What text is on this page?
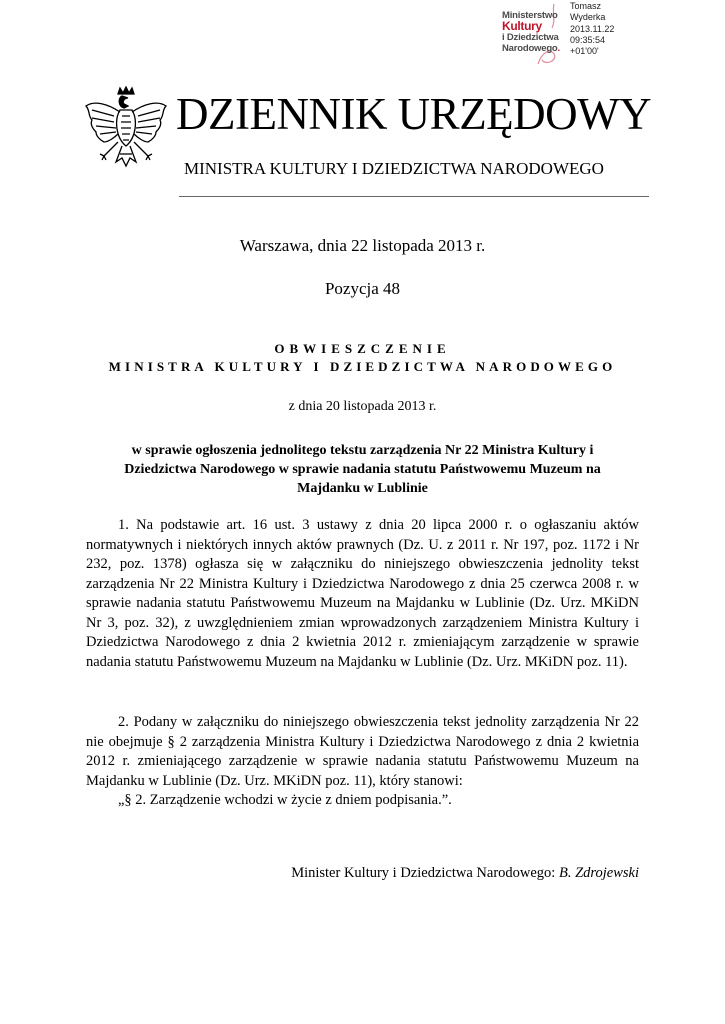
Ministerstwo
Kultury
i Dziedzictwa
Narodowego.
Tomasz
Wyderka
2013.11.22
09:35:54
+01'00'
DZIENNIK URZĘDOWY
MINISTRA KULTURY I DZIEDZICTWA NARODOWEGO
Warszawa, dnia 22 listopada 2013 r.
Pozycja 48
OBWIESZCZENIE
MINISTRA KULTURY I DZIEDZICTWA NARODOWEGO
z dnia 20 listopada 2013 r.
w sprawie ogłoszenia jednolitego tekstu zarządzenia Nr 22 Ministra Kultury i Dziedzictwa Narodowego w sprawie nadania statutu Państwowemu Muzeum na Majdanku w Lublinie
1. Na podstawie art. 16 ust. 3 ustawy z dnia 20 lipca 2000 r. o ogłaszaniu aktów normatywnych i niektórych innych aktów prawnych (Dz. U. z 2011 r. Nr 197, poz. 1172 i Nr 232, poz. 1378) ogłasza się w załączniku do niniejszego obwieszczenia jednolity tekst zarządzenia Nr 22 Ministra Kultury i Dziedzictwa Narodowego z dnia 25 czerwca 2008 r. w sprawie nadania statutu Państwowemu Muzeum na Majdanku w Lublinie (Dz. Urz. MKiDN Nr 3, poz. 32), z uwzględnieniem zmian wprowadzonych zarządzeniem Ministra Kultury i Dziedzictwa Narodowego z dnia 2 kwietnia 2012 r. zmieniającym zarządzenie w sprawie nadania statutu Państwowemu Muzeum na Majdanku w Lublinie (Dz. Urz. MKiDN poz. 11).
2. Podany w załączniku do niniejszego obwieszczenia tekst jednolity zarządzenia Nr 22 nie obejmuje § 2 zarządzenia Ministra Kultury i Dziedzictwa Narodowego z dnia 2 kwietnia 2012 r. zmieniającego zarządzenie w sprawie nadania statutu Państwowemu Muzeum na Majdanku w Lublinie (Dz. Urz. MKiDN poz. 11), który stanowi:
„§ 2. Zarządzenie wchodzi w życie z dniem podpisania.”.
Minister Kultury i Dziedzictwa Narodowego: B. Zdrojewski
